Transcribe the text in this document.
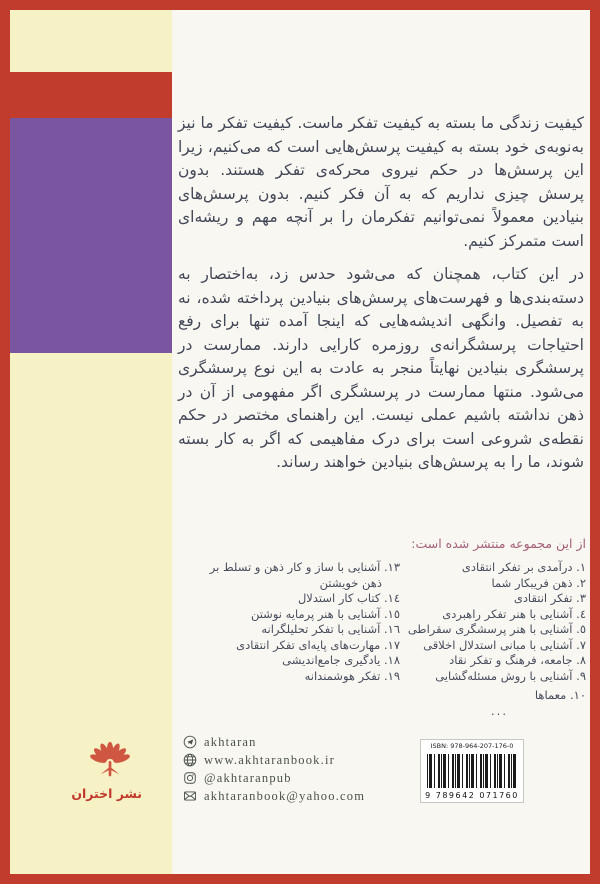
کیفیت زندگی ما بسته به کیفیت تفکر ماست. کیفیت تفکر ما نیز به‌نوبه‌ی خود بسته به کیفیت پرسش‌هایی است که می‌کنیم، زیرا این پرسش‌ها در حکم نیروی محرکه‌ی تفکر هستند. بدون پرسش چیزی نداریم که به آن فکر کنیم. بدون پرسش‌های بنیادین معمولاً نمی‌توانیم تفکرمان را بر آنچه مهم و ریشه‌ای است متمرکز کنیم.

در این کتاب، همچنان که می‌شود حدس زد، به‌اختصار به دسته‌بندی‌ها و فهرست‌های پرسش‌های بنیادین پرداخته شده، نه به تفصیل. وانگهی اندیشه‌هایی که اینجا آمده تنها برای رفع احتیاجات پرسشگرانه‌ی روزمره کارایی دارند. ممارست در پرسشگری بنیادین نهایتاً منجر به عادت به این نوع پرسشگری می‌شود. منتها ممارست در پرسشگری اگر مفهومی از آن در ذهن نداشته باشیم عملی نیست. این راهنمای مختصر در حکم نقطه‌ی شروعی است برای درک مفاهیمی که اگر به کار بسته شوند، ما را به پرسش‌های بنیادین خواهند رساند.

از این مجموعه منتشر شده است:
١. درآمدی بر تفکر انتقادی
٢. ذهن فریبکار شما
٣. تفکر انتقادی
٤. آشنایی با هنر تفکر راهبردی
٥. آشنایی با هنر پرسشگری سقراطی
٧. آشنایی با مبانی استدلال اخلاقی
٨. جامعه، فرهنگ و تفکر نقاد
٩. آشنایی با روش مسئله‌گشایی
١٠. معماها
...
١٣. آشنایی با ساز و کار ذهن و تسلط بر ذهن خویشتن
١٤. کتاب کار استدلال
١٥. آشنایی با هنر پرمایه نوشتن
١٦. آشنایی با تفکر تحلیلگرانه
١٧. مهارت‌های پایه‌ای تفکر انتقادی
١٨. یادگیری جامع‌اندیشی
١٩. تفکر هوشمندانه
akhtaran
www.akhtaranbook.ir
@akhtaranpub
akhtaranbook@yahoo.com
نشر اختران
ISBN: 978-964-207-176-0
9 789642 071760
